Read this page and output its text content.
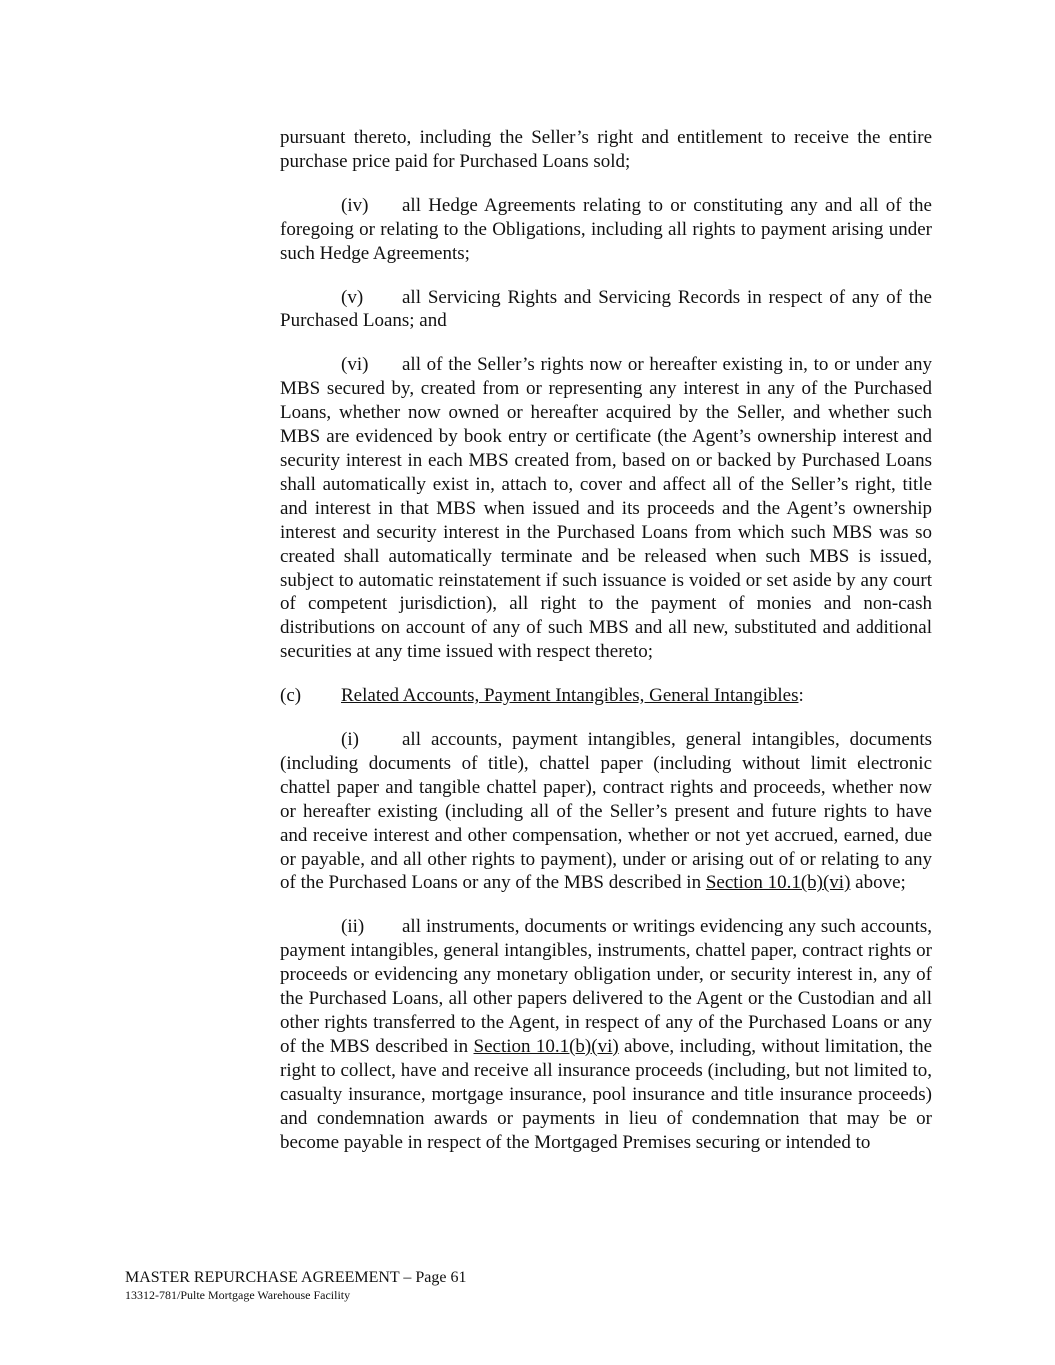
pursuant thereto, including the Seller’s right and entitlement to receive the entire purchase price paid for Purchased Loans sold;

(iv) all Hedge Agreements relating to or constituting any and all of the foregoing or relating to the Obligations, including all rights to payment arising under such Hedge Agreements;

(v) all Servicing Rights and Servicing Records in respect of any of the Purchased Loans; and

(vi) all of the Seller’s rights now or hereafter existing in, to or under any MBS secured by, created from or representing any interest in any of the Purchased Loans, whether now owned or hereafter acquired by the Seller, and whether such MBS are evidenced by book entry or certificate (the Agent’s ownership interest and security interest in each MBS created from, based on or backed by Purchased Loans shall automatically exist in, attach to, cover and affect all of the Seller’s right, title and interest in that MBS when issued and its proceeds and the Agent’s ownership interest and security interest in the Purchased Loans from which such MBS was so created shall automatically terminate and be released when such MBS is issued, subject to automatic reinstatement if such issuance is voided or set aside by any court of competent jurisdiction), all right to the payment of monies and non-cash distributions on account of any of such MBS and all new, substituted and additional securities at any time issued with respect thereto;

(c) Related Accounts, Payment Intangibles, General Intangibles:

(i) all accounts, payment intangibles, general intangibles, documents (including documents of title), chattel paper (including without limit electronic chattel paper and tangible chattel paper), contract rights and proceeds, whether now or hereafter existing (including all of the Seller’s present and future rights to have and receive interest and other compensation, whether or not yet accrued, earned, due or payable, and all other rights to payment), under or arising out of or relating to any of the Purchased Loans or any of the MBS described in Section 10.1(b)(vi) above;

(ii) all instruments, documents or writings evidencing any such accounts, payment intangibles, general intangibles, instruments, chattel paper, contract rights or proceeds or evidencing any monetary obligation under, or security interest in, any of the Purchased Loans, all other papers delivered to the Agent or the Custodian and all other rights transferred to the Agent, in respect of any of the Purchased Loans or any of the MBS described in Section 10.1(b)(vi) above, including, without limitation, the right to collect, have and receive all insurance proceeds (including, but not limited to, casualty insurance, mortgage insurance, pool insurance and title insurance proceeds) and condemnation awards or payments in lieu of condemnation that may be or become payable in respect of the Mortgaged Premises securing or intended to

MASTER REPURCHASE AGREEMENT – Page 61
13312-781/Pulte Mortgage Warehouse Facility
